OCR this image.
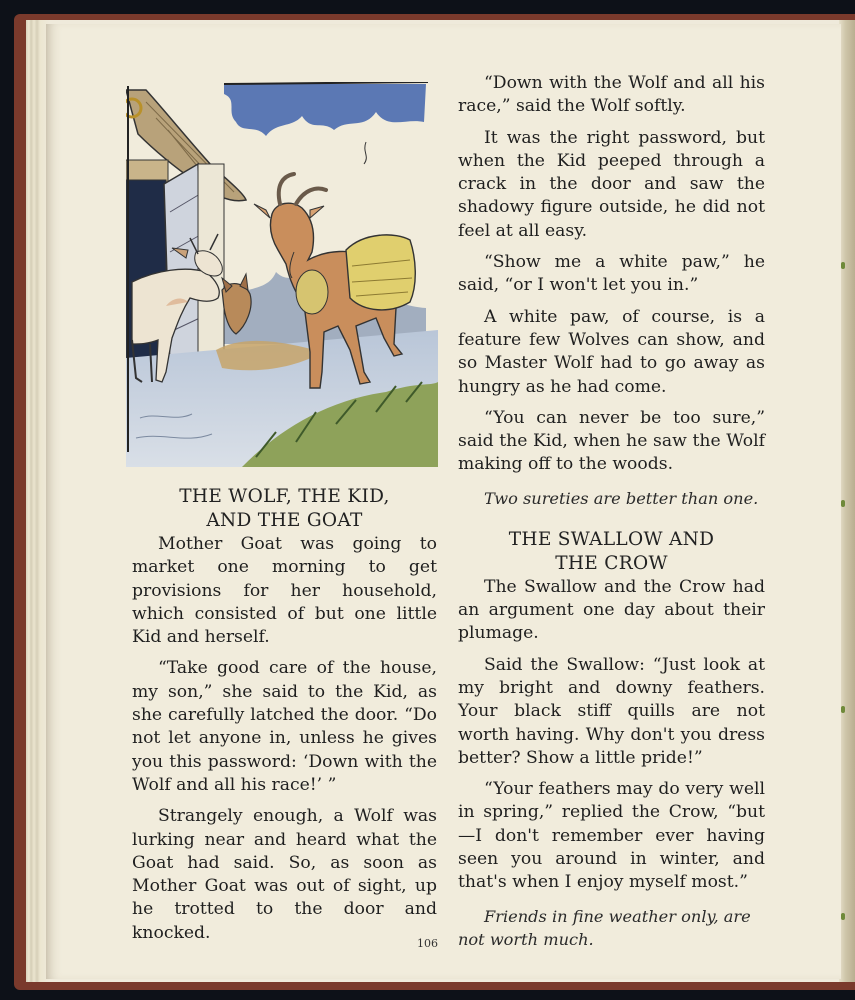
THE WOLF, THE KID,
AND THE GOAT

Mother Goat was going to market one morning to get provisions for her household, which consisted of but one little Kid and herself.

“Take good care of the house, my son,” she said to the Kid, as she carefully latched the door. “Do not let anyone in, unless he gives you this password: ‘Down with the Wolf and all his race!’ ”

Strangely enough, a Wolf was lurking near and heard what the Goat had said. So, as soon as Mother Goat was out of sight, up he trotted to the door and knocked.

“Down with the Wolf and all his race,” said the Wolf softly.

It was the right password, but when the Kid peeped through a crack in the door and saw the shadowy figure outside, he did not feel at all easy.

“Show me a white paw,” he said, “or I won't let you in.”

A white paw, of course, is a feature few Wolves can show, and so Master Wolf had to go away as hungry as he had come.

“You can never be too sure,” said the Kid, when he saw the Wolf making off to the woods.

Two sureties are better than one.

THE SWALLOW AND
THE CROW

The Swallow and the Crow had an argument one day about their plumage.

Said the Swallow: “Just look at my bright and downy feathers. Your black stiff quills are not worth having. Why don't you dress better? Show a little pride!”

“Your feathers may do very well in spring,” replied the Crow, “but—I don't remember ever having seen you around in winter, and that's when I enjoy myself most.”

Friends in fine weather only, are not worth much.

106
